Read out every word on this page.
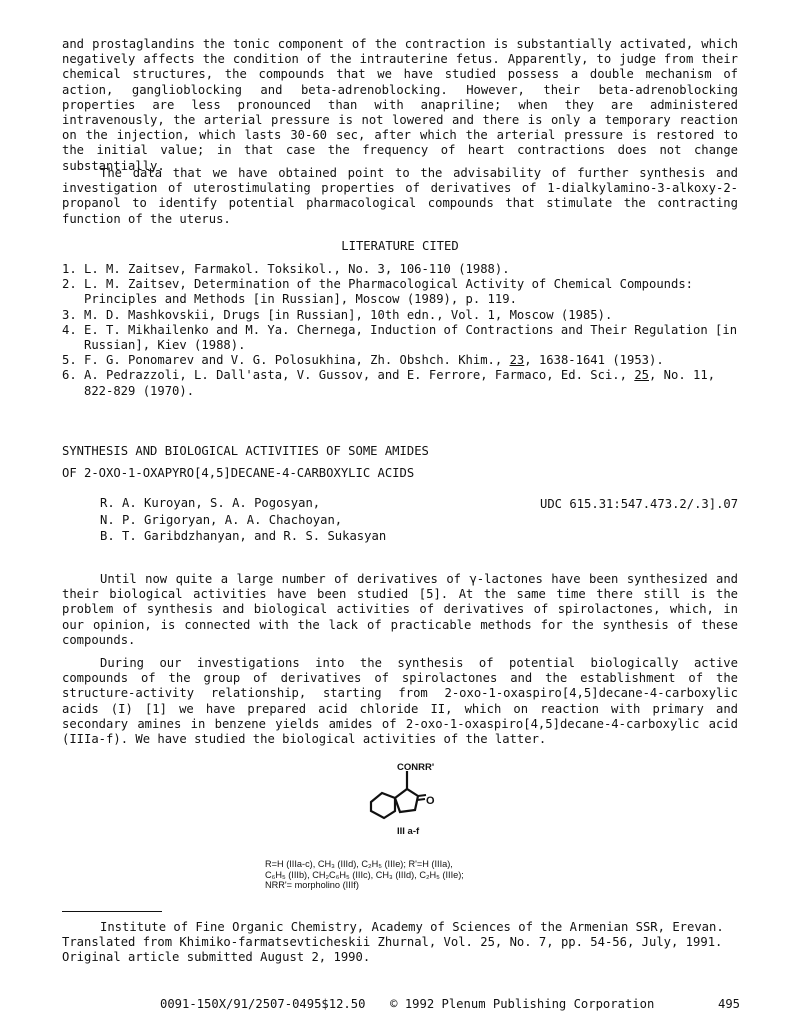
and prostaglandins the tonic component of the contraction is substantially activated, which negatively affects the condition of the intrauterine fetus. Apparently, to judge from their chemical structures, the compounds that we have studied possess a double mechanism of action, ganglioblocking and beta-adrenoblocking. However, their beta-adrenoblocking properties are less pronounced than with anapriline; when they are administered intravenously, the arterial pressure is not lowered and there is only a temporary reaction on the injection, which lasts 30-60 sec, after which the arterial pressure is restored to the initial value; in that case the frequency of heart contractions does not change substantially.

The data that we have obtained point to the advisability of further synthesis and investigation of uterostimulating properties of derivatives of 1-dialkylamino-3-alkoxy-2-propanol to identify potential pharmacological compounds that stimulate the contracting function of the uterus.

LITERATURE CITED
1. L. M. Zaitsev, Farmakol. Toksikol., No. 3, 106-110 (1988).
2. L. M. Zaitsev, Determination of the Pharmacological Activity of Chemical Compounds: Principles and Methods [in Russian], Moscow (1989), p. 119.
3. M. D. Mashkovskii, Drugs [in Russian], 10th edn., Vol. 1, Moscow (1985).
4. E. T. Mikhailenko and M. Ya. Chernega, Induction of Contractions and Their Regulation [in Russian], Kiev (1988).
5. F. G. Ponomarev and V. G. Polosukhina, Zh. Obshch. Khim., 23, 1638-1641 (1953).
6. A. Pedrazzoli, L. Dall'asta, V. Gussov, and E. Ferrore, Farmaco, Ed. Sci., 25, No. 11, 822-829 (1970).
SYNTHESIS AND BIOLOGICAL ACTIVITIES OF SOME AMIDES
OF 2-OXO-1-OXAPYRO[4,5]DECANE-4-CARBOXYLIC ACIDS
R. A. Kuroyan, S. A. Pogosyan,
N. P. Grigoryan, A. A. Chachoyan,
B. T. Garibdzhanyan, and R. S. Sukasyan
UDC 615.31:547.473.2/.3].07

Until now quite a large number of derivatives of γ-lactones have been synthesized and their biological activities have been studied [5]. At the same time there still is the problem of synthesis and biological activities of derivatives of spirolactones, which, in our opinion, is connected with the lack of practicable methods for the synthesis of these compounds.

During our investigations into the synthesis of potential biologically active compounds of the group of derivatives of spirolactones and the establishment of the structure-activity relationship, starting from 2-oxo-1-oxaspiro[4,5]decane-4-carboxylic acids (I) [1] we have prepared acid chloride II, which on reaction with primary and secondary amines in benzene yields amides of 2-oxo-1-oxaspiro[4,5]decane-4-carboxylic acid (IIIa-f). We have studied the biological activities of the latter.

CONRR'
O
III a-f
R=H (IIIa-c), CH₃ (IIId), C₂H₅ (IIIe); R'=H (IIIa),
C₆H₅ (IIIb), CH₂C₆H₅ (IIIc), CH₃ (IIId), C₂H₅ (IIIe);
NRR'= morpholino (IIIf)
Institute of Fine Organic Chemistry, Academy of Sciences of the Armenian SSR, Erevan. Translated from Khimiko-farmatsevticheskii Zhurnal, Vol. 25, No. 7, pp. 54-56, July, 1991. Original article submitted August 2, 1990.
0091-150X/91/2507-0495$12.50 © 1992 Plenum Publishing Corporation	495
